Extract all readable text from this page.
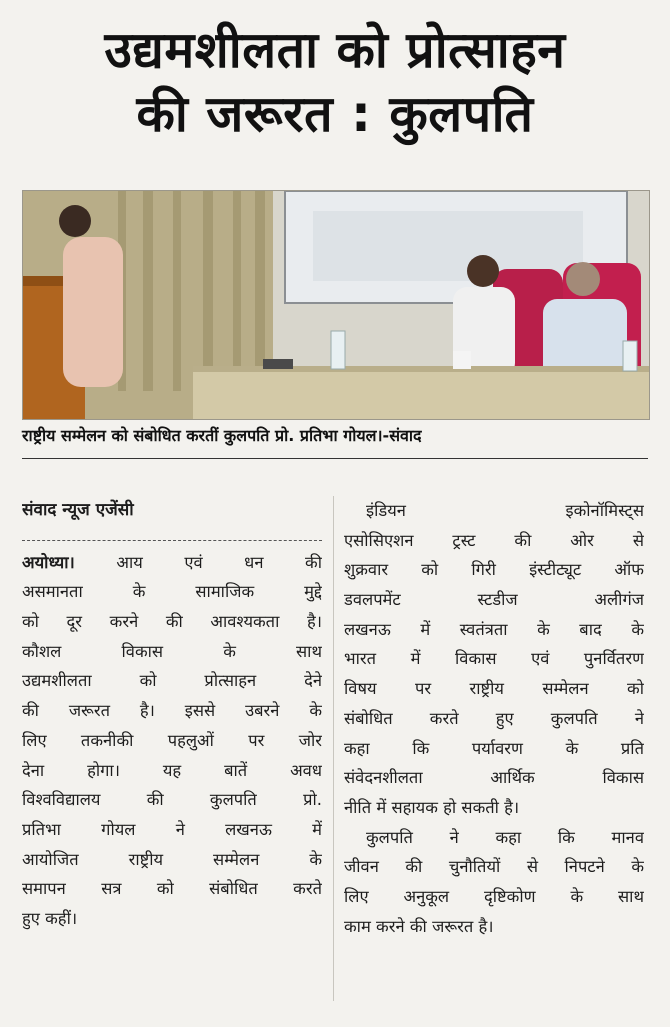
उद्यमशीलता को प्रोत्साहन
की जरूरत : कुलपति
राष्ट्रीय सम्मेलन को संबोधित करतीं कुलपति प्रो. प्रतिभा गोयल।-संवाद
संवाद न्यूज एजेंसी
अयोध्या।	आय एवं धन की
असमानता के सामाजिक मुद्दे
को दूर करने की आवश्यकता है।
कौशल विकास के साथ
उद्यमशीलता को प्रोत्साहन देने
की जरूरत है। इससे उबरने के
लिए तकनीकी पहलुओं पर जोर
देना होगा। यह बातें अवध
विश्वविद्यालय की कुलपति प्रो.
प्रतिभा गोयल ने लखनऊ में
आयोजित राष्ट्रीय सम्मेलन के
समापन सत्र को संबोधित करते
हुए कहीं।
इंडियन इकोनॉमिस्ट्स
एसोसिएशन ट्रस्ट की ओर से
शुक्रवार को गिरी इंस्टीट्यूट ऑफ
डवलपमेंट स्टडीज अलीगंज
लखनऊ में स्वतंत्रता के बाद के
भारत में विकास एवं पुनर्वितरण
विषय पर राष्ट्रीय सम्मेलन को
संबोधित करते हुए कुलपति ने
कहा कि पर्यावरण के प्रति
संवेदनशीलता आर्थिक विकास
नीति में सहायक हो सकती है।
कुलपति ने कहा कि मानव
जीवन की चुनौतियों से निपटने के
लिए अनुकूल दृष्टिकोण के साथ
काम करने की जरूरत है।
